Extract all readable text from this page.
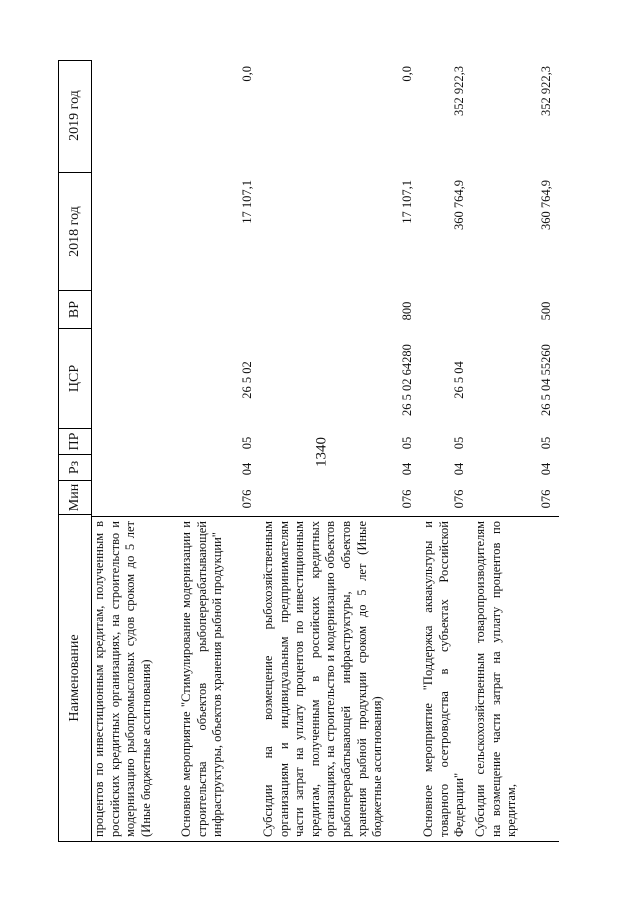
1340
Наименование
Мин
Рз
ПР
ЦСР
ВР
2018 год
2019 год
процентов по инвестиционным кредитам, полученным в российских кредитных организациях, на строительство и модернизацию рыбопромысловых судов сроком до 5 лет (Иные бюджетные ассигнования)	Основное мероприятие "Стимулирование модернизации и строительства объектов рыбоперерабатывающей инфраструктуры, объектов хранения рыбной продукции"
076
04
05
26 5 02
17 107,1
0,0
Субсидии на возмещение рыбохозяйственным организациям и индивидуальным предпринимателям части затрат на уплату процентов по инвестиционным кредитам, полученным в российских кредитных организациях, на строительство и модернизацию объектов рыбоперерабатывающей инфраструктуры, объектов хранения рыбной продукции сроком до 5 лет (Иные бюджетные ассигнования)
076
04
05
26 5 02 64280
800
17 107,1
0,0
Основное мероприятие "Поддержка аквакультуры и товарного осетроводства в субъектах Российской Федерации"
076
04
05
26 5 04
360 764,9
352 922,3
Субсидии сельскохозяйственным товаропроизводителям на возмещение части затрат на уплату процентов по кредитам,
076
04
05
26 5 04 55260
500
360 764,9
352 922,3
